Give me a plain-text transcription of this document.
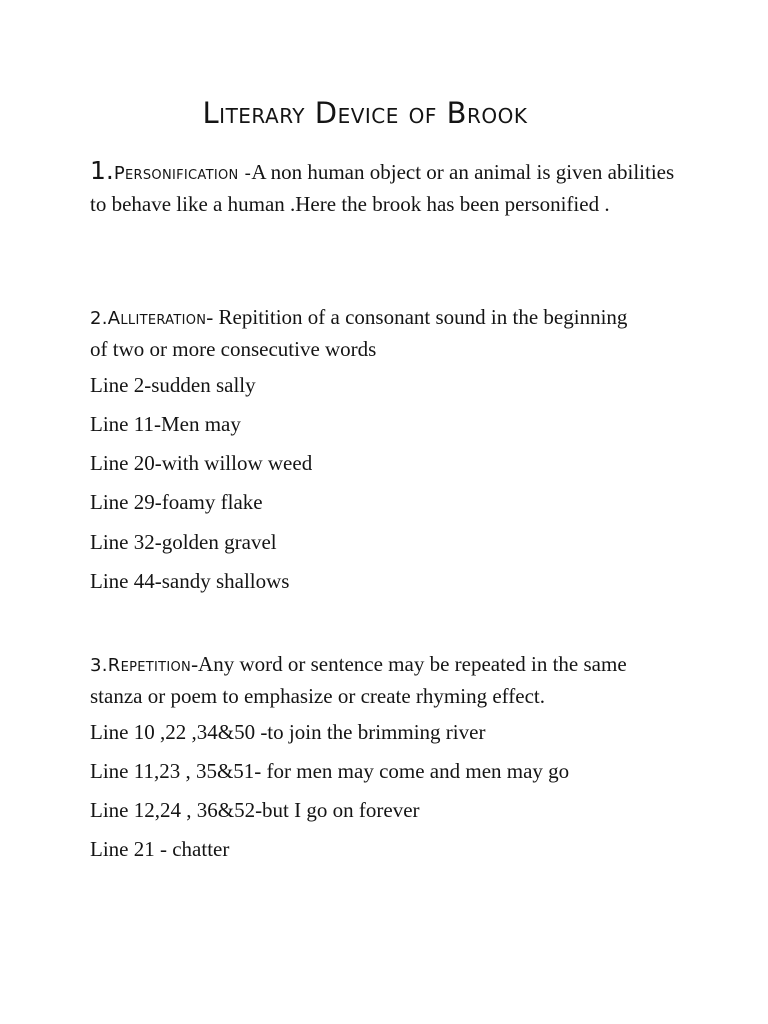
Literary Device of Brook
1.Personification -A non human object or an animal is given abilities to behave like a human .Here the brook has been personified .
2.Alliteration- Repitition of a consonant sound in the beginning of two or more consecutive words
Line 2-sudden sally
Line 11-Men may
Line 20-with willow weed
Line 29-foamy flake
Line 32-golden gravel
Line 44-sandy shallows
3.Repetition-Any word or sentence may be repeated in the same stanza or poem to emphasize or create rhyming effect.
Line 10 ,22 ,34&50 -to join the brimming river
Line 11,23 , 35&51- for men may come and men may go
Line 12,24 , 36&52-but I go on forever
Line 21 - chatter
